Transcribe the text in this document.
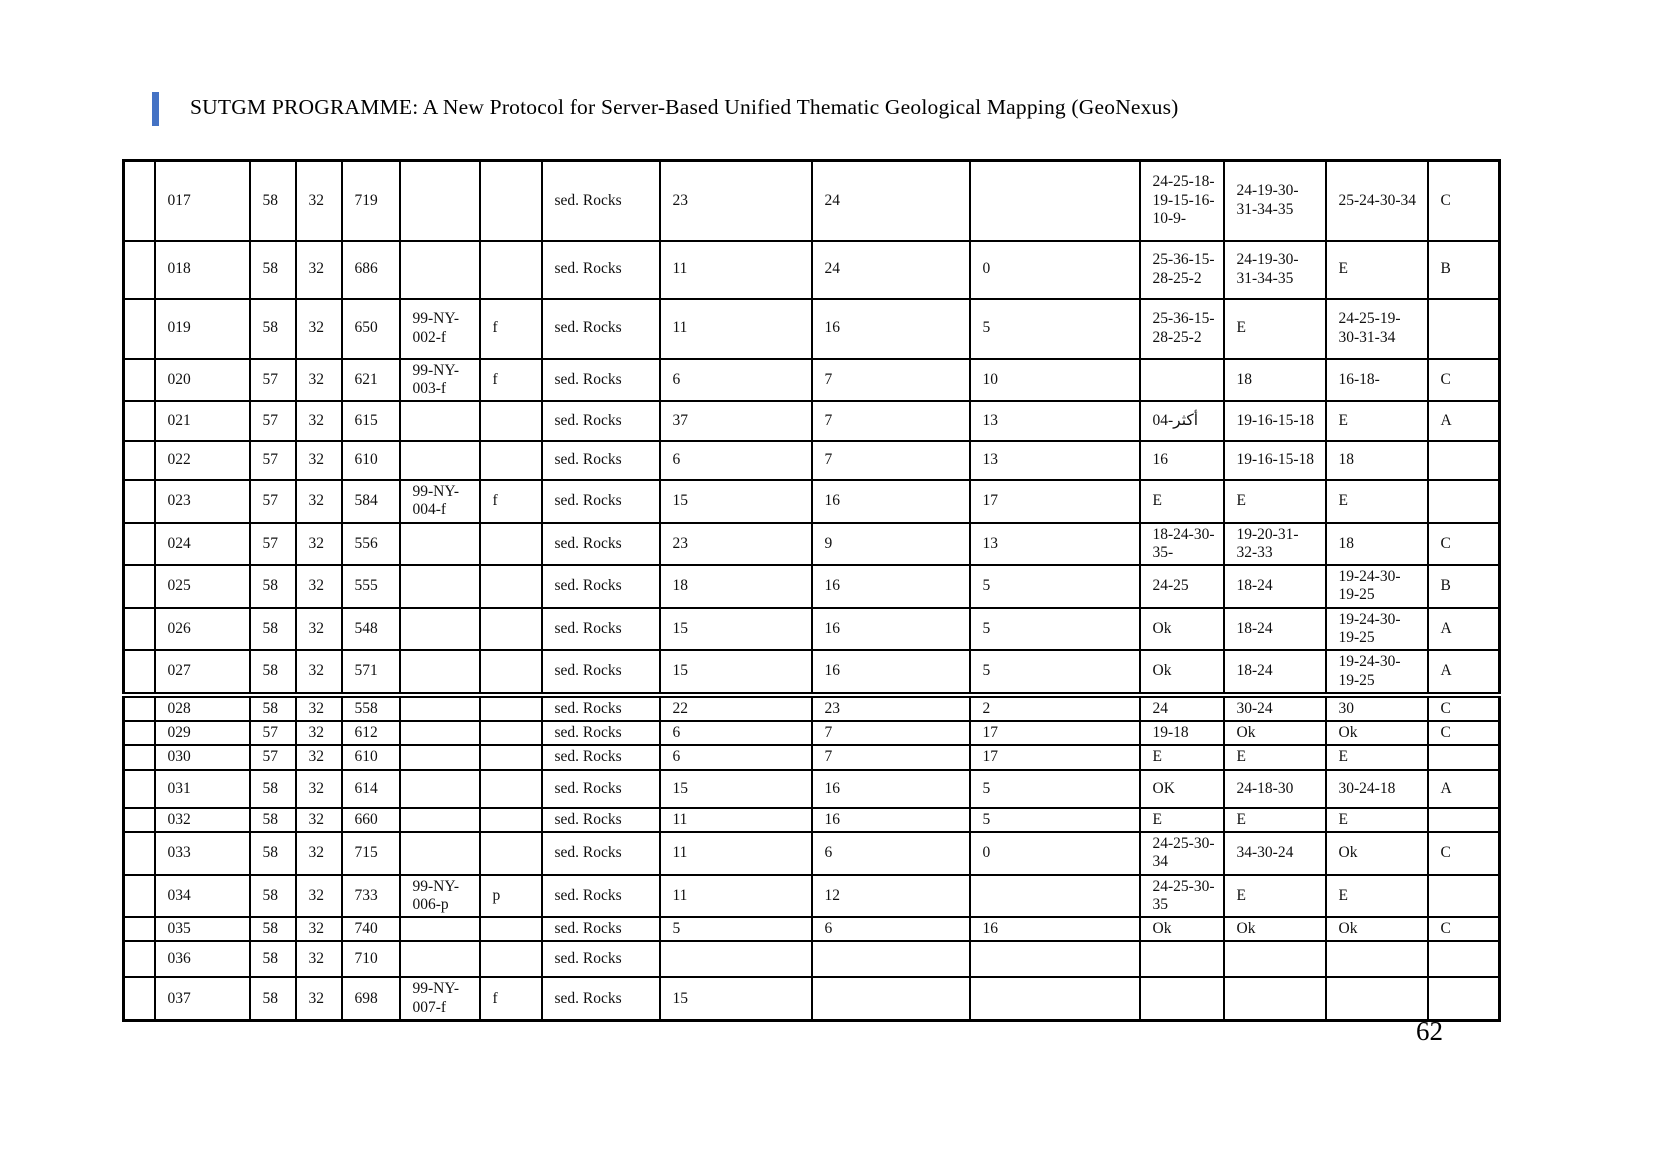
SUTGM PROGRAMME: A New Protocol for Server-Based Unified Thematic Geological Mapping (GeoNexus)
	017	58	32	719			sed. Rocks	23	24		24-25-18-19-15-16-10-9-	24-19-30-31-34-35	25-24-30-34	C
	018	58	32	686			sed. Rocks	11	24	0	25-36-15-28-25-2	24-19-30-31-34-35	E	B
	019	58	32	650	99-NY-002-f	f	sed. Rocks	11	16	5	25-36-15-28-25-2	E	24-25-19-30-31-34	
	020	57	32	621	99-NY-003-f	f	sed. Rocks	6	7	10		18	16-18-	C
	021	57	32	615			sed. Rocks	37	7	13	أكثر-04	19-16-15-18	E	A
	022	57	32	610			sed. Rocks	6	7	13	16	19-16-15-18	18	
	023	57	32	584	99-NY-004-f	f	sed. Rocks	15	16	17	E	E	E	
	024	57	32	556			sed. Rocks	23	9	13	18-24-30-35-	19-20-31-32-33	18	C
	025	58	32	555			sed. Rocks	18	16	5	24-25	18-24	19-24-30-19-25	B
	026	58	32	548			sed. Rocks	15	16	5	Ok	18-24	19-24-30-19-25	A
	027	58	32	571			sed. Rocks	15	16	5	Ok	18-24	19-24-30-19-25	A
	028	58	32	558			sed. Rocks	22	23	2	24	30-24	30	C
	029	57	32	612			sed. Rocks	6	7	17	19-18	Ok	Ok	C
	030	57	32	610			sed. Rocks	6	7	17	E	E	E	
	031	58	32	614			sed. Rocks	15	16	5	OK	24-18-30	30-24-18	A
	032	58	32	660			sed. Rocks	11	16	5	E	E	E	
	033	58	32	715			sed. Rocks	11	6	0	24-25-30-34	34-30-24	Ok	C
	034	58	32	733	99-NY-006-p	p	sed. Rocks	11	12		24-25-30-35	E	E	
	035	58	32	740			sed. Rocks	5	6	16	Ok	Ok	Ok	C
	036	58	32	710			sed. Rocks							
	037	58	32	698	99-NY-007-f	f	sed. Rocks	15						
62
